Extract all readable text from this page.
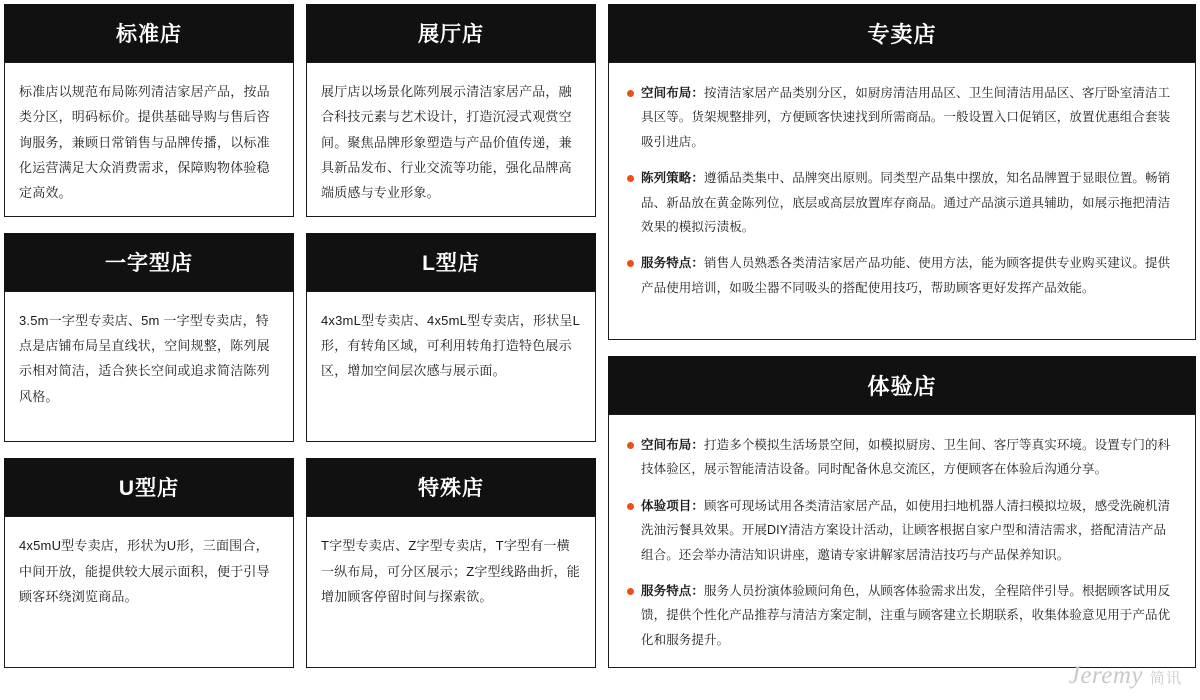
标准店
标准店以规范布局陈列清洁家居产品，按品类分区，明码标价。提供基础导购与售后咨询服务，兼顾日常销售与品牌传播，以标准化运营满足大众消费需求，保障购物体验稳定高效。
展厅店
展厅店以场景化陈列展示清洁家居产品，融合科技元素与艺术设计，打造沉浸式观赏空间。聚焦品牌形象塑造与产品价值传递，兼具新品发布、行业交流等功能，强化品牌高端质感与专业形象。
一字型店
3.5m一字型专卖店、5m 一字型专卖店，特点是店铺布局呈直线状，空间规整，陈列展示相对简洁，适合狭长空间或追求简洁陈列风格。
L型店
4x3mL型专卖店、4x5mL型专卖店，形状呈L形，有转角区域，可利用转角打造特色展示区，增加空间层次感与展示面。
U型店
4x5mU型专卖店，形状为U形，三面围合，中间开放，能提供较大展示面积，便于引导顾客环绕浏览商品。
特殊店
T字型专卖店、Z字型专卖店，T字型有一横一纵布局，可分区展示；Z字型线路曲折，能增加顾客停留时间与探索欲。
专卖店
空间布局：按清洁家居产品类别分区，如厨房清洁用品区、卫生间清洁用品区、客厅卧室清洁工具区等。货架规整排列，方便顾客快速找到所需商品。一般设置入口促销区，放置优惠组合套装吸引进店。
陈列策略：遵循品类集中、品牌突出原则。同类型产品集中摆放，知名品牌置于显眼位置。畅销品、新品放在黄金陈列位，底层或高层放置库存商品。通过产品演示道具辅助，如展示拖把清洁效果的模拟污渍板。
服务特点：销售人员熟悉各类清洁家居产品功能、使用方法，能为顾客提供专业购买建议。提供产品使用培训，如吸尘器不同吸头的搭配使用技巧，帮助顾客更好发挥产品效能。
体验店
空间布局：打造多个模拟生活场景空间，如模拟厨房、卫生间、客厅等真实环境。设置专门的科技体验区，展示智能清洁设备。同时配备休息交流区，方便顾客在体验后沟通分享。
体验项目：顾客可现场试用各类清洁家居产品，如使用扫地机器人清扫模拟垃圾，感受洗碗机清洗油污餐具效果。开展DIY清洁方案设计活动，让顾客根据自家户型和清洁需求，搭配清洁产品组合。还会举办清洁知识讲座，邀请专家讲解家居清洁技巧与产品保养知识。
服务特点：服务人员扮演体验顾问角色，从顾客体验需求出发，全程陪伴引导。根据顾客试用反馈，提供个性化产品推荐与清洁方案定制，注重与顾客建立长期联系，收集体验意见用于产品优化和服务提升。
Jeremy 简讯
